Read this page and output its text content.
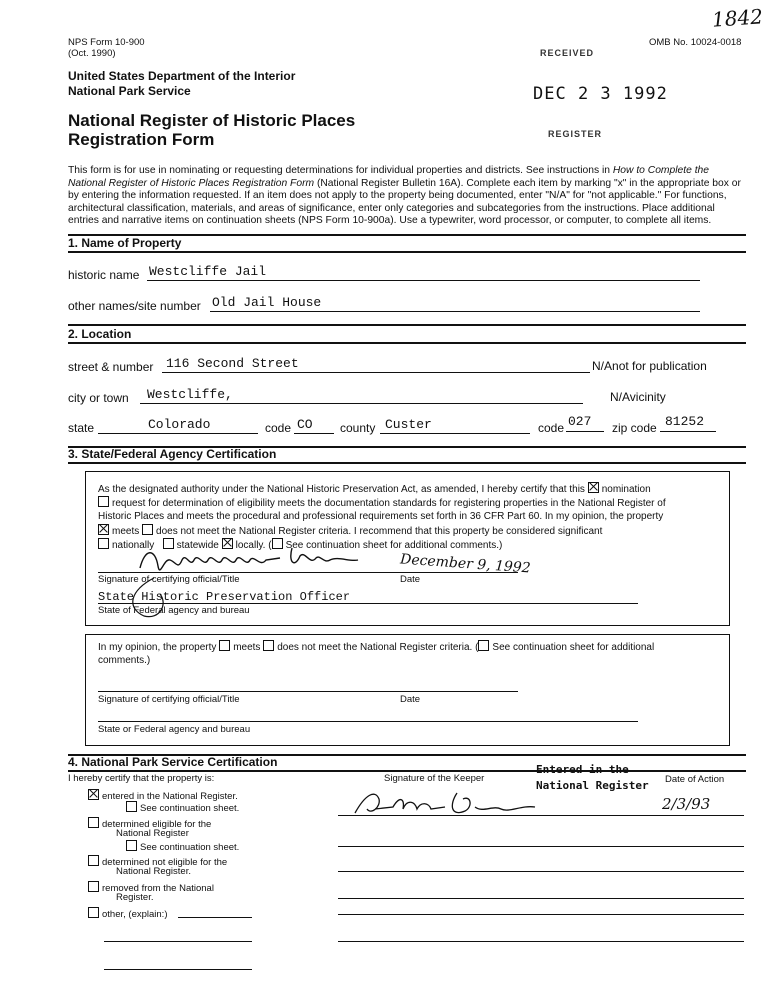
NPS Form 10-900
(Oct. 1990)
OMB No. 10024-0018
1842
United States Department of the Interior
National Park Service
National Register of Historic Places
Registration Form
RECEIVED
DEC 2 3 1992
REGISTER
This form is for use in nominating or requesting determinations for individual properties and districts. See instructions in How to Complete the
National Register of Historic Places Registration Form (National Register Bulletin 16A). Complete each item by marking "x" in the appropriate box or
by entering the information requested. If an item does not apply to the property being documented, enter "N/A" for "not applicable." For functions,
architectural classification, materials, and areas of significance, enter only categories and subcategories from the instructions. Place additional
entries and narrative items on continuation sheets (NPS Form 10-900a). Use a typewriter, word processor, or computer, to complete all items.
1. Name of Property
historic name Westcliffe Jail
other names/site number Old Jail House
2. Location
street & number 116 Second Street	N/Anot for publication
city or town Westcliffe,	N/Avicinity
state	Colorado	code CO county Custer	code 027 zip code 81252
3. State/Federal Agency Certification
As the designated authority under the National Historic Preservation Act, as amended, I hereby certify that this nomination
request for determination of eligibility meets the documentation standards for registering properties in the National Register of
Historic Places and meets the procedural and professional requirements set forth in 36 CFR Part 60. In my opinion, the property
meets does not meet the National Register criteria. I recommend that this property be considered significant
nationally statewide locally. ( See continuation sheet for additional comments.)
December 9, 1992
Signature of certifying official/Title	Date
State Historic Preservation Officer
State of Federal agency and bureau
In my opinion, the property meets does not meet the National Register criteria. ( See continuation sheet for additional
comments.)
Signature of certifying official/Title	Date
State or Federal agency and bureau
4. National Park Service Certification
I hereby certify that the property is:	Signature of the Keeper	Date of Action
Entered in the
National Register
2/3/93
entered in the National Register.
See continuation sheet.
determined eligible for the
National Register
See continuation sheet.
determined not eligible for the
National Register.
removed from the National
Register.
other, (explain:)
